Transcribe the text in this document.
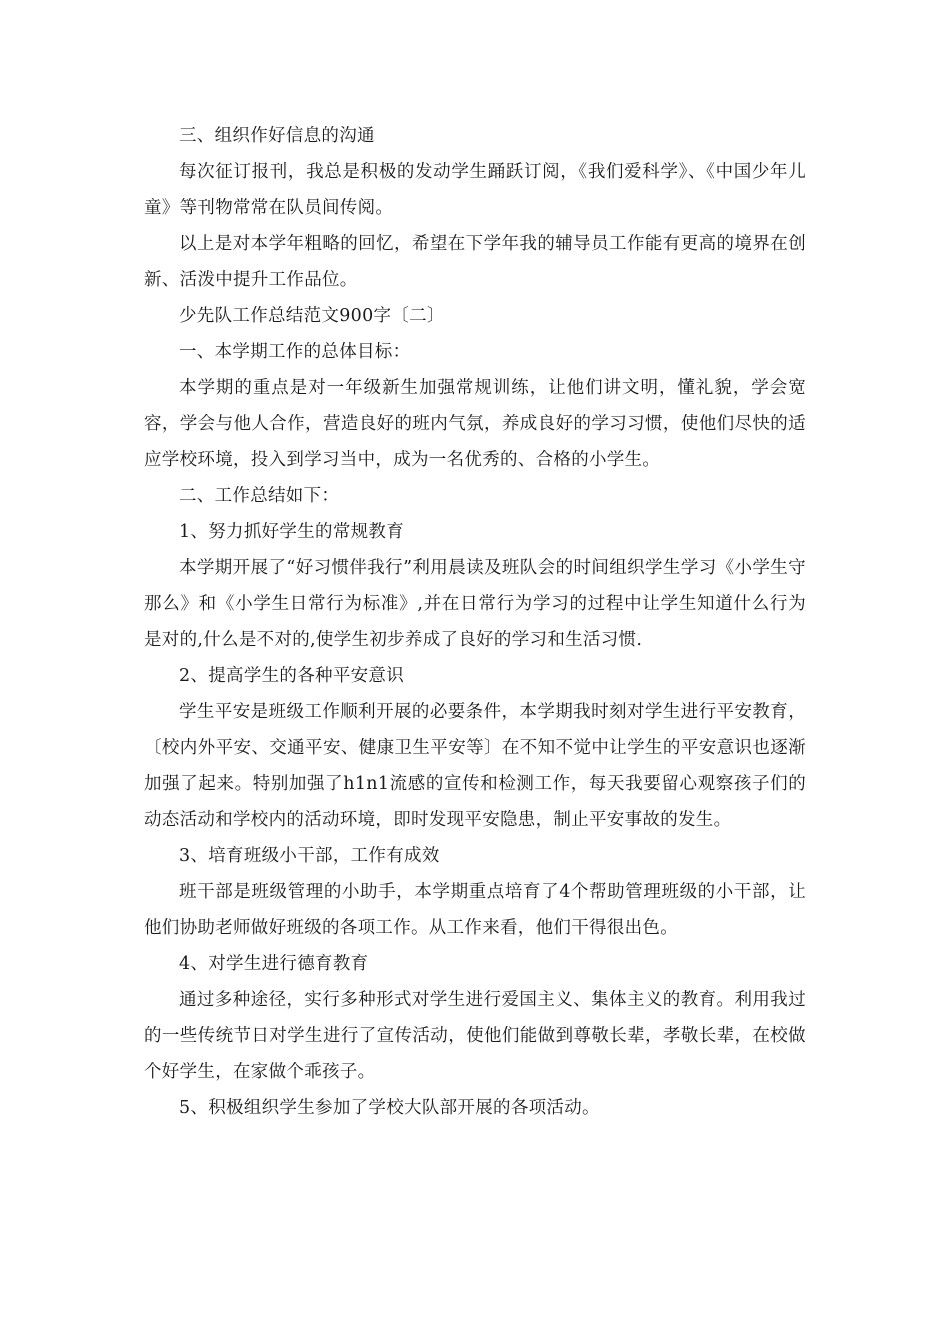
三、组织作好信息的沟通

每次征订报刊，我总是积极的发动学生踊跃订阅，《我们爱科学》、《中国少年儿童》等刊物常常在队员间传阅。

以上是对本学年粗略的回忆，希望在下学年我的辅导员工作能有更高的境界在创新、活泼中提升工作品位。

少先队工作总结范文900字〔二〕

一、本学期工作的总体目标：

本学期的重点是对一年级新生加强常规训练，让他们讲文明，懂礼貌，学会宽容，学会与他人合作，营造良好的班内气氛，养成良好的学习习惯，使他们尽快的适应学校环境，投入到学习当中，成为一名优秀的、合格的小学生。

二、工作总结如下：

1、努力抓好学生的常规教育

本学期开展了“好习惯伴我行”利用晨读及班队会的时间组织学生学习《小学生守那么》和《小学生日常行为标准》,并在日常行为学习的过程中让学生知道什么行为是对的,什么是不对的,使学生初步养成了良好的学习和生活习惯.

2、提高学生的各种平安意识

学生平安是班级工作顺利开展的必要条件，本学期我时刻对学生进行平安教育，〔校内外平安、交通平安、健康卫生平安等〕在不知不觉中让学生的平安意识也逐渐加强了起来。特别加强了h1n1流感的宣传和检测工作，每天我要留心观察孩子们的动态活动和学校内的活动环境，即时发现平安隐患，制止平安事故的发生。

3、培育班级小干部，工作有成效

班干部是班级管理的小助手，本学期重点培育了4个帮助管理班级的小干部，让他们协助老师做好班级的各项工作。从工作来看，他们干得很出色。

4、对学生进行德育教育

通过多种途径，实行多种形式对学生进行爱国主义、集体主义的教育。利用我过的一些传统节日对学生进行了宣传活动，使他们能做到尊敬长辈，孝敬长辈，在校做个好学生，在家做个乖孩子。

5、积极组织学生参加了学校大队部开展的各项活动。
